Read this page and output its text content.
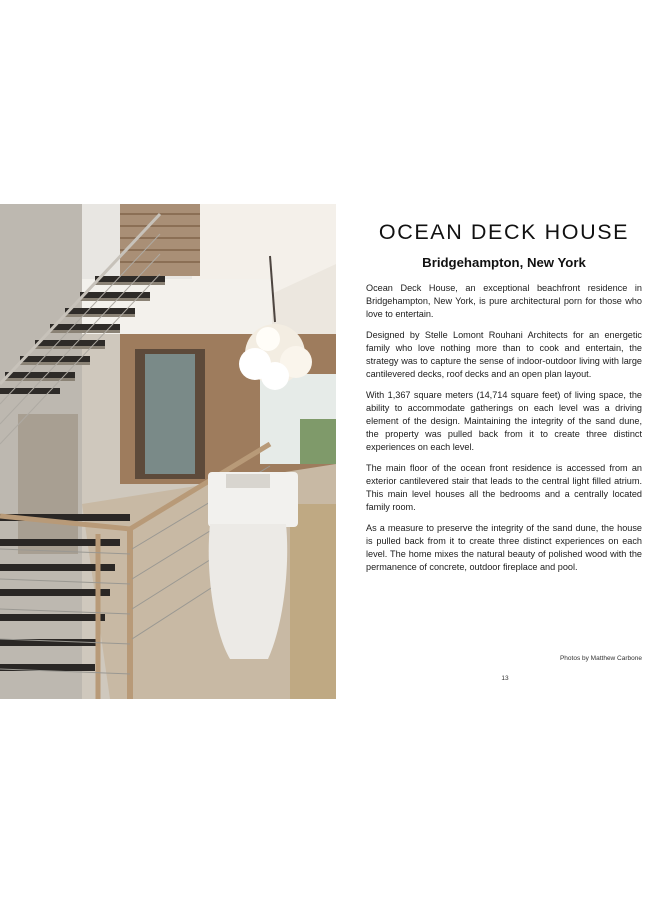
OCEAN DECK HOUSE
Bridgehampton, New York

Ocean Deck House, an exceptional beachfront residence in Bridgehampton, New York, is pure architectural porn for those who love to entertain.

Designed by Stelle Lomont Rouhani Architects for an energetic family who love nothing more than to cook and entertain, the strategy was to capture the sense of indoor-outdoor living with large cantilevered decks, roof decks and an open plan layout.

With 1,367 square meters (14,714 square feet) of living space, the ability to accommodate gatherings on each level was a driving element of the design. Maintaining the integrity of the sand dune, the property was pulled back from it to create three distinct experiences on each level.

The main floor of the ocean front residence is accessed from an exterior cantilevered stair that leads to the central light filled atrium. This main level houses all the bedrooms and a centrally located family room.

As a measure to preserve the integrity of the sand dune, the house is pulled back from it to create three distinct experiences on each level. The home mixes the natural beauty of polished wood with the permanence of concrete, outdoor fireplace and pool.

Photos by Matthew Carbone
13
